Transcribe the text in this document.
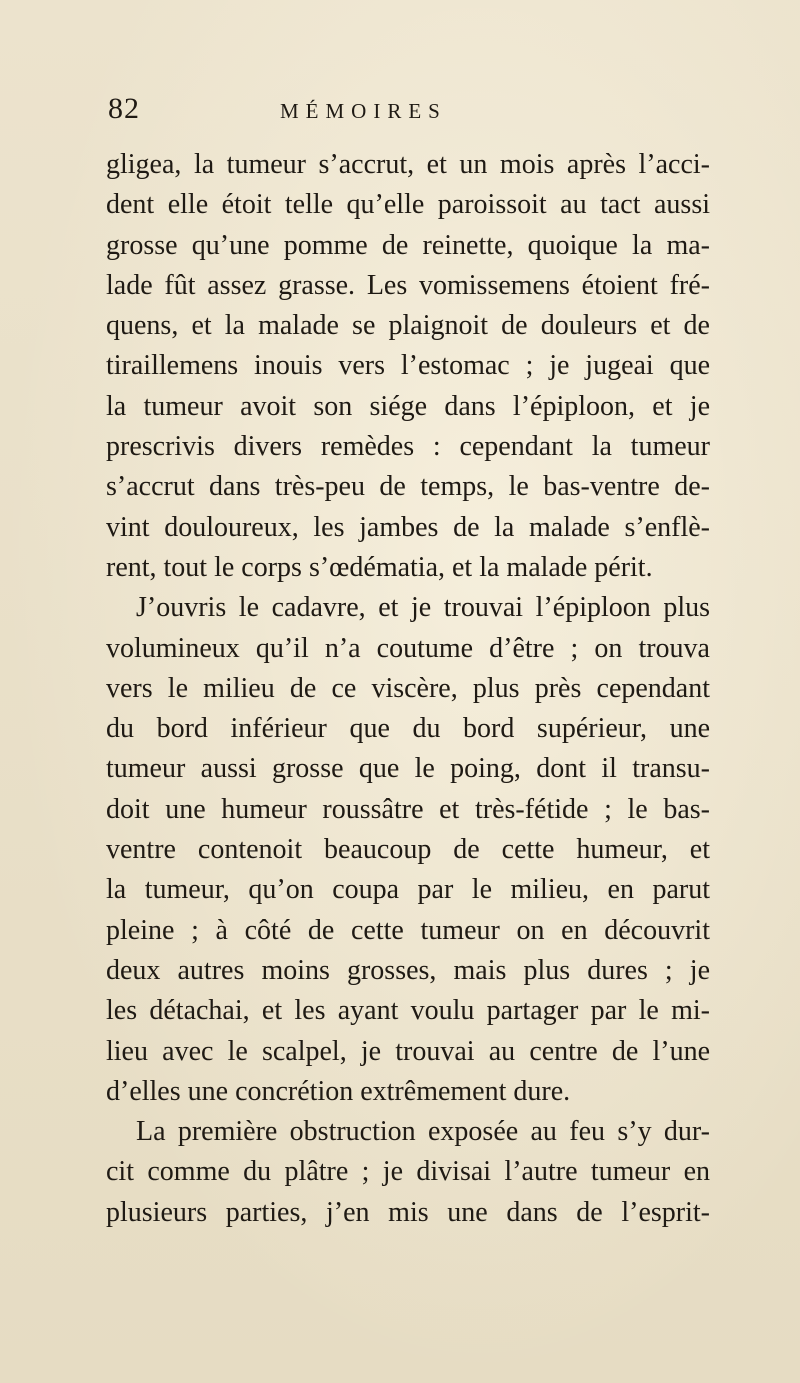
82	MÉMOIRES
gligea, la tumeur s’accrut, et un mois après l’acci-
dent elle étoit telle qu’elle paroissoit au tact aussi
grosse qu’une pomme de reinette, quoique la ma-
lade fût assez grasse. Les vomissemens étoient fré-
quens, et la malade se plaignoit de douleurs et de
tiraillemens inouis vers l’estomac ; je jugeai que
la tumeur avoit son siége dans l’épiploon, et je
prescrivis divers remèdes : cependant la tumeur
s’accrut dans très-peu de temps, le bas-ventre de-
vint douloureux, les jambes de la malade s’enflè-
rent, tout le corps s’œdématia, et la malade périt.
J’ouvris le cadavre, et je trouvai l’épiploon plus
volumineux qu’il n’a coutume d’être ; on trouva
vers le milieu de ce viscère, plus près cependant
du bord inférieur que du bord supérieur, une
tumeur aussi grosse que le poing, dont il transu-
doit une humeur roussâtre et très-fétide ; le bas-
ventre contenoit beaucoup de cette humeur, et
la tumeur, qu’on coupa par le milieu, en parut
pleine ; à côté de cette tumeur on en découvrit
deux autres moins grosses, mais plus dures ; je
les détachai, et les ayant voulu partager par le mi-
lieu avec le scalpel, je trouvai au centre de l’une
d’elles une concrétion extrêmement dure.
La première obstruction exposée au feu s’y dur-
cit comme du plâtre ; je divisai l’autre tumeur en
plusieurs parties, j’en mis une dans de l’esprit-
